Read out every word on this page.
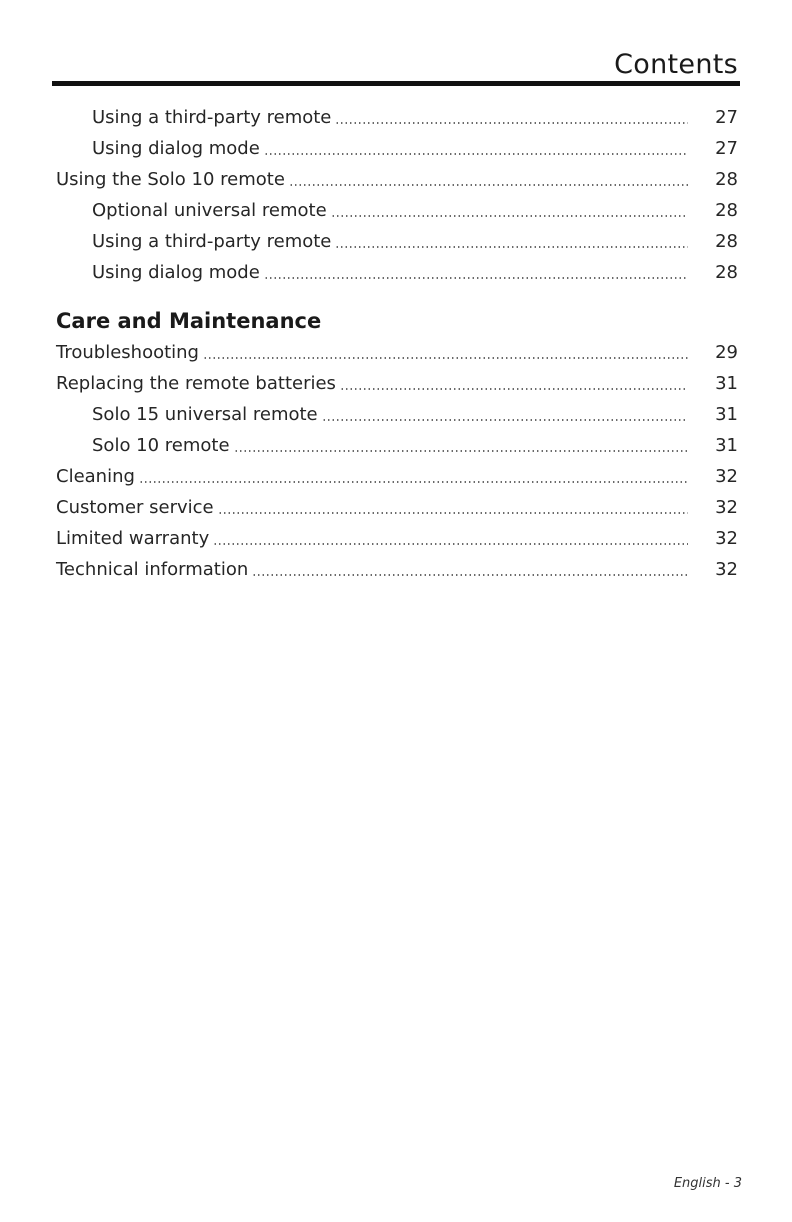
Contents
Using a third-party remote	27
Using dialog mode	27
Using the Solo 10 remote	28
Optional universal remote	28
Using a third-party remote	28
Using dialog mode	28
Care and Maintenance
Troubleshooting	29
Replacing the remote batteries	31
Solo 15 universal remote	31
Solo 10 remote	31
Cleaning	32
Customer service	32
Limited warranty	32
Technical information	32
English - 3
